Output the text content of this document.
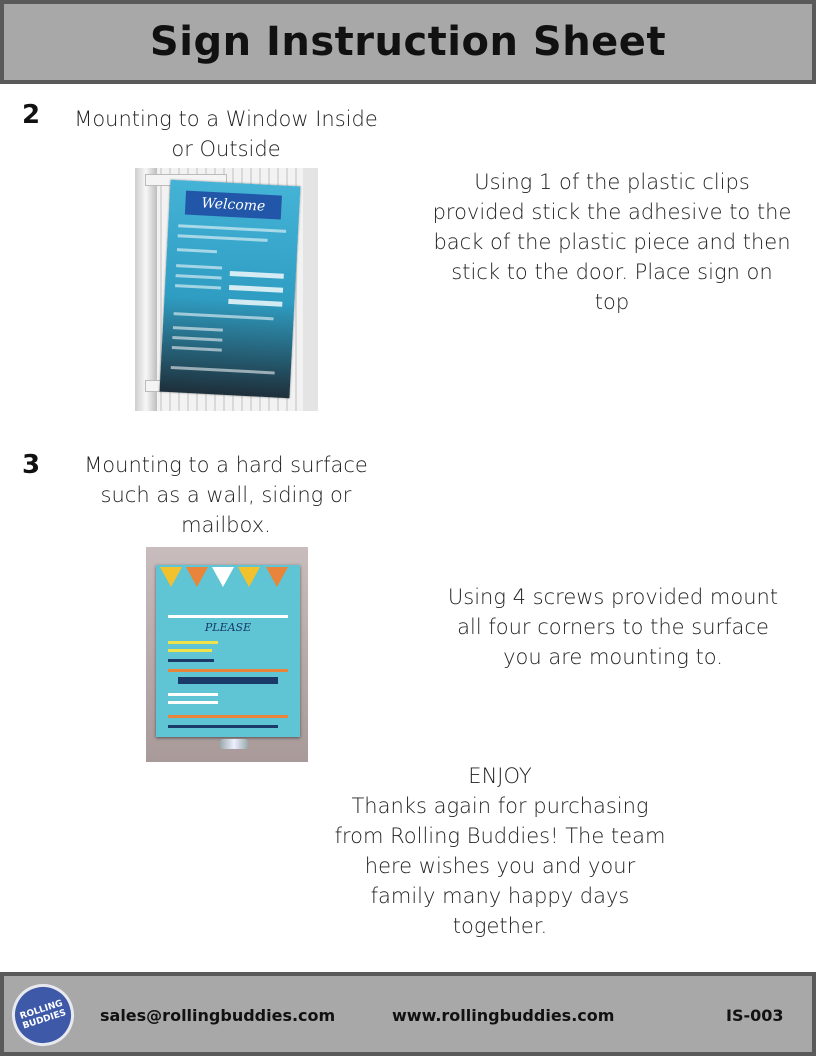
Sign Instruction Sheet
2	Mounting to a Window Inside
or Outside
Welcome
Using 1 of the plastic clips
provided stick the adhesive to the
back of the plastic piece and then
stick to the door. Place sign on
top
3	Mounting to a hard surface
such as a wall, siding or
mailbox.
PLEASE
Using 4 screws provided mount
all four corners to the surface
you are mounting to.
ENJOY
Thanks again for purchasing
from Rolling Buddies! The team
here wishes you and your
family many happy days
together.
ROLLING
BUDDIES sales@rollingbuddies.com	www.rollingbuddies.com	IS-003
